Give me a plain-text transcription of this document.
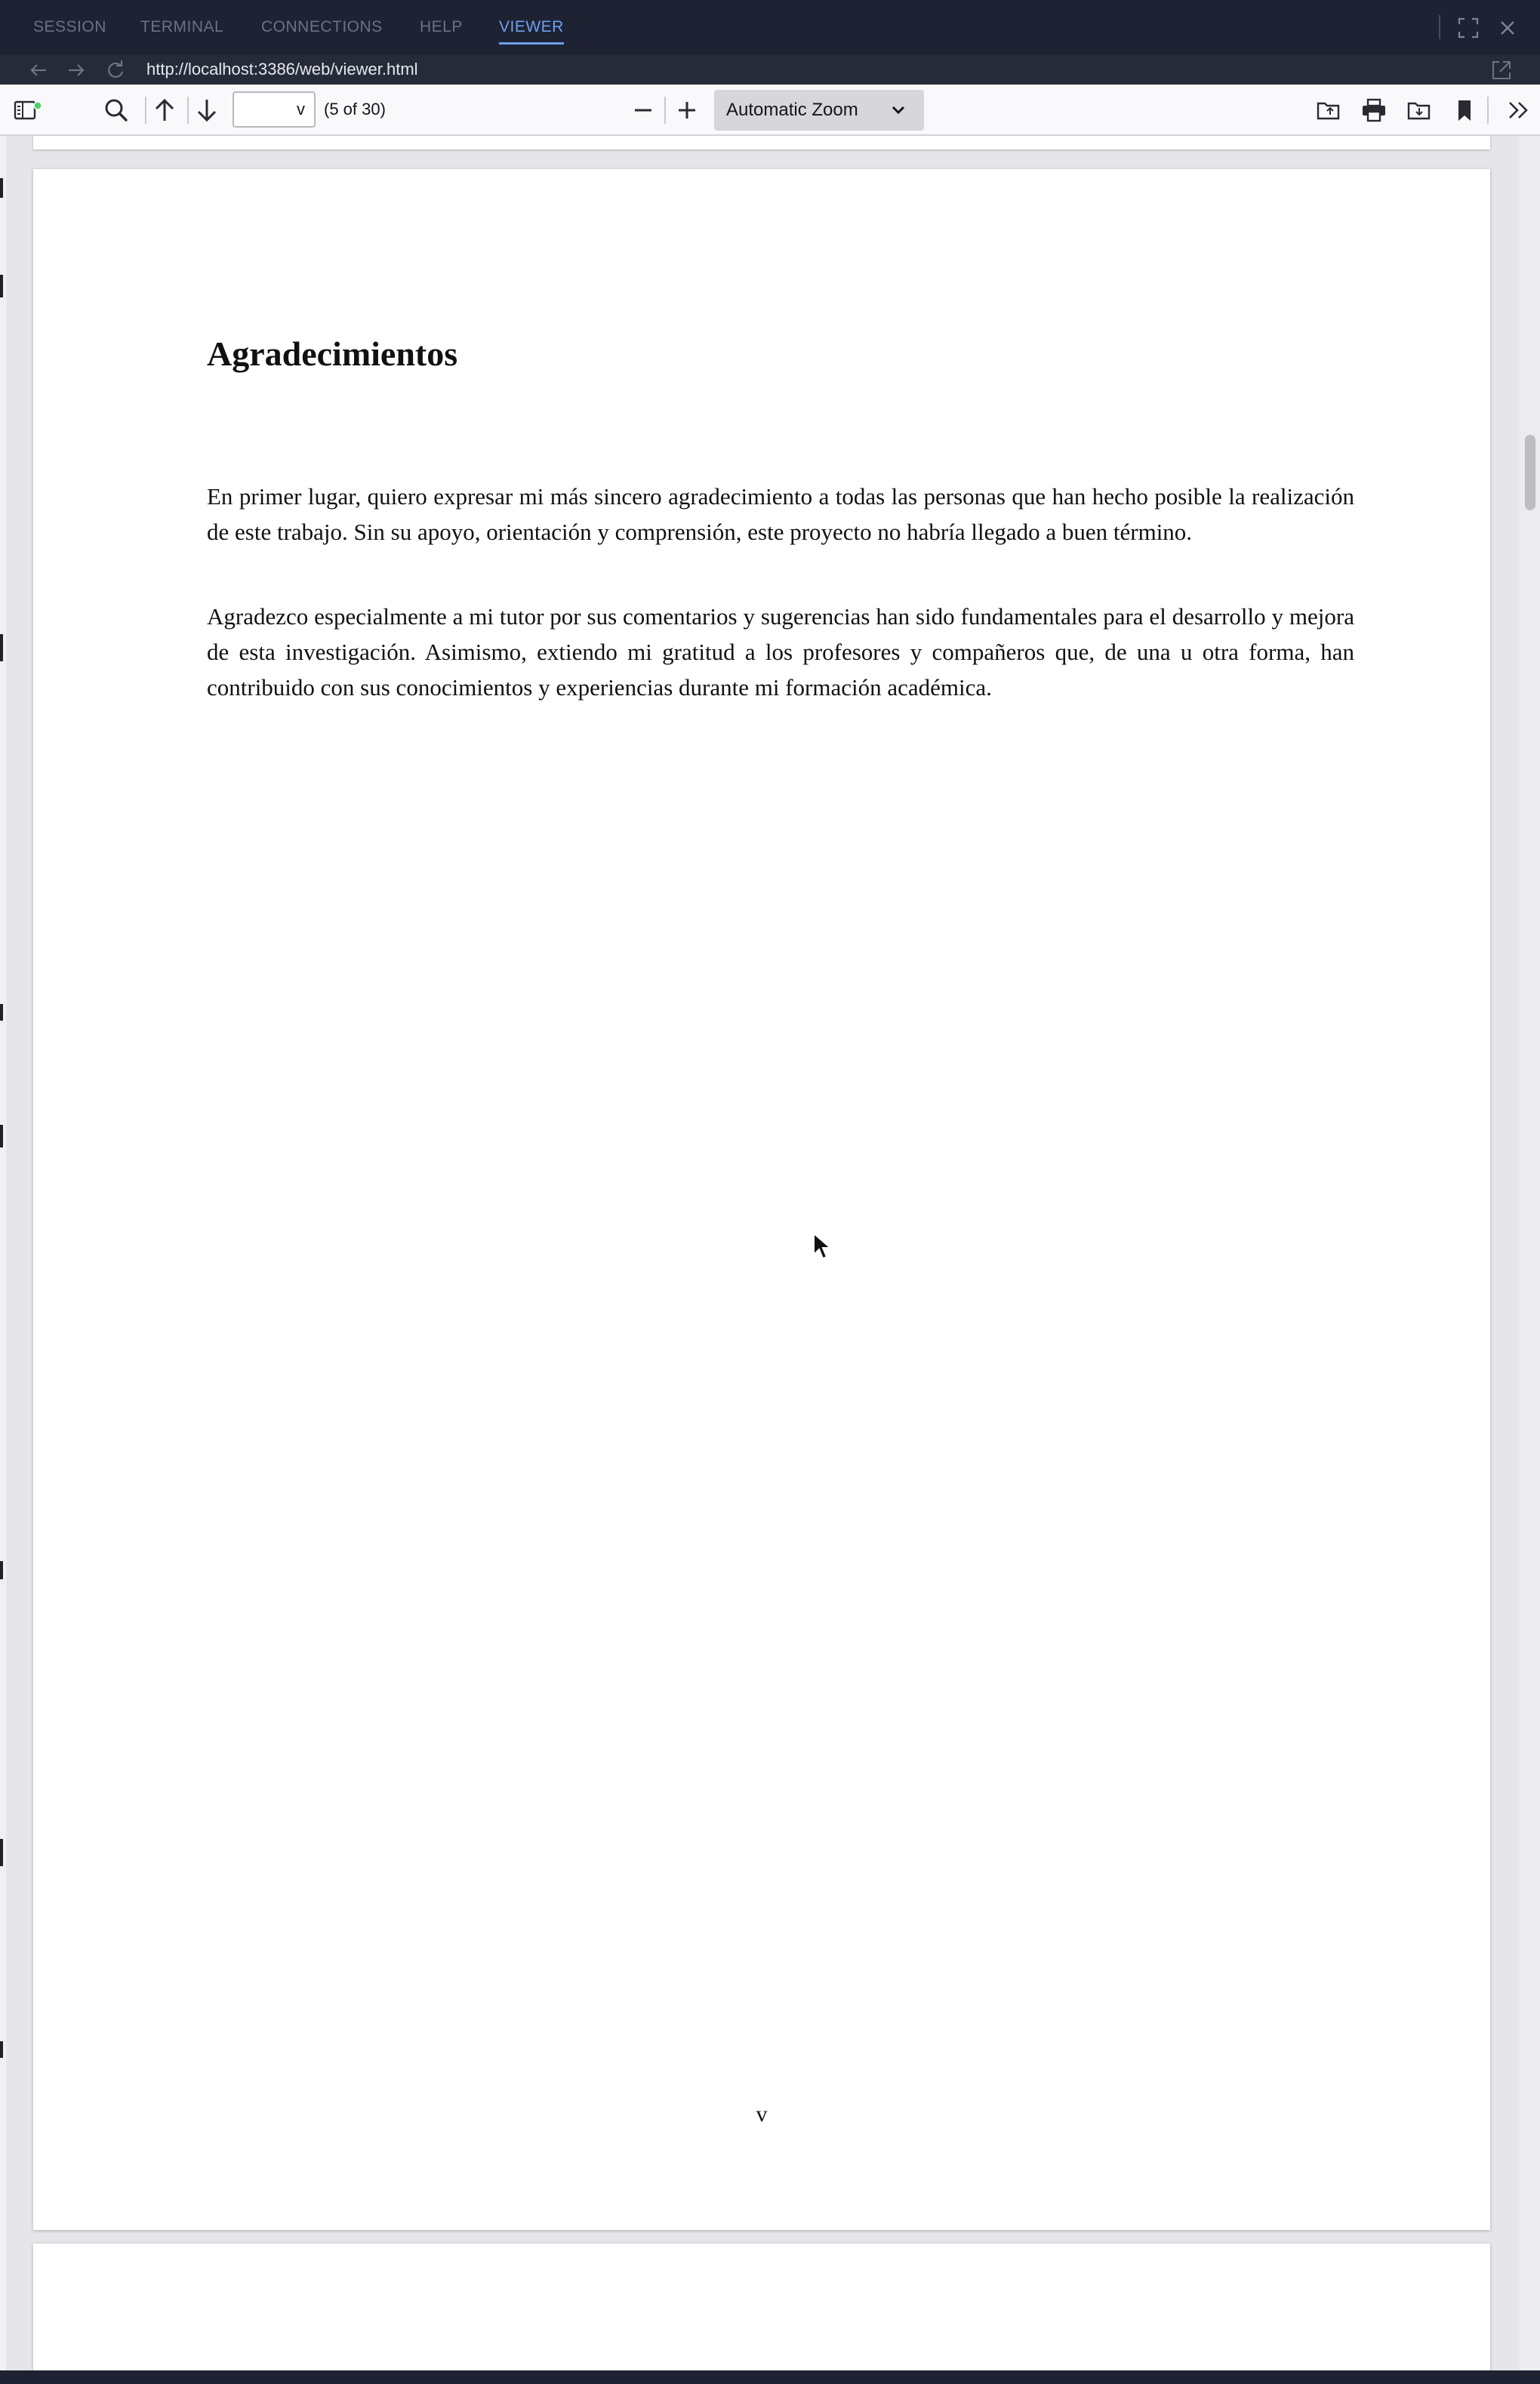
SESSION TERMINAL CONNECTIONS HELP VIEWER
http://localhost:3386/web/viewer.html
v
(5 of 30)	Automatic Zoom
Agradecimientos

En primer lugar, quiero expresar mi más sincero agradecimiento a todas las personas que han hecho posible la realización de este trabajo. Sin su apoyo, orientación y comprensión, este proyecto no habría llegado a buen término.

Agradezco especialmente a mi tutor por sus comentarios y sugerencias han sido fundamentales para el desarrollo y mejora de esta investigación. Asimismo, extiendo mi gratitud a los profesores y compañeros que, de una u otra forma, han contribuido con sus conocimientos y experiencias durante mi formación académica.

v
